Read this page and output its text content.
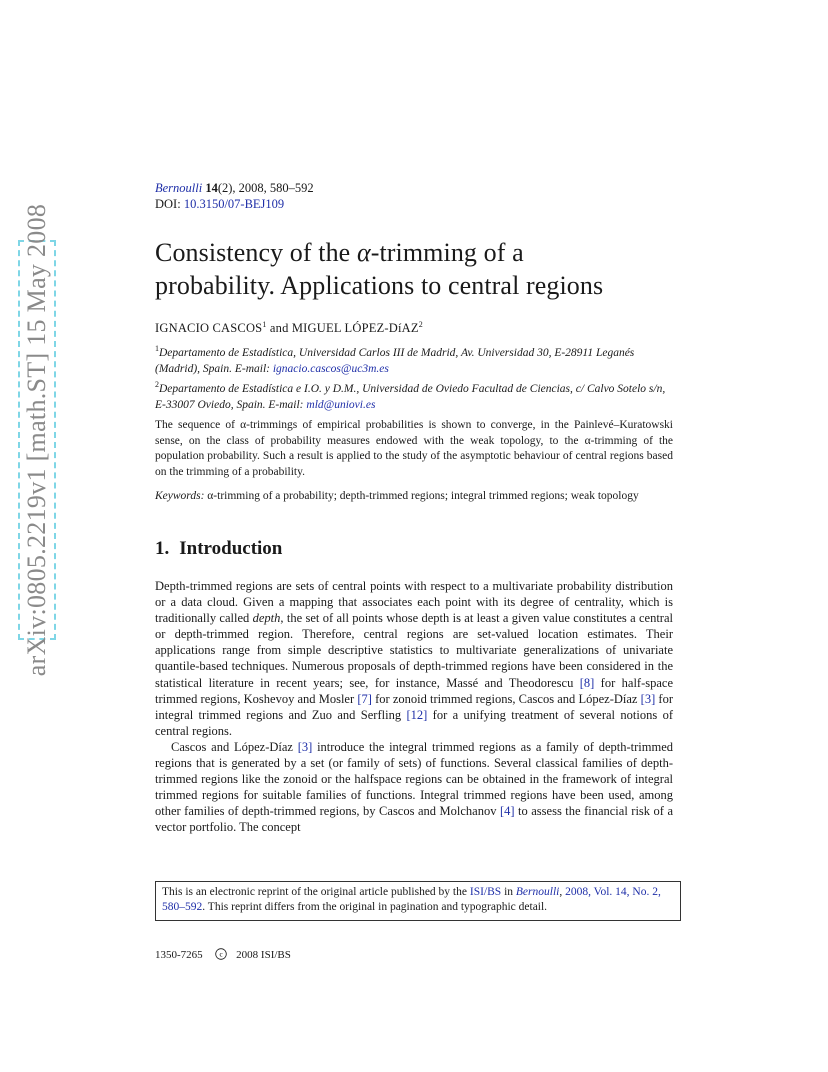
arXiv:0805.2219v1 [math.ST] 15 May 2008
Bernoulli 14(2), 2008, 580–592
DOI: 10.3150/07-BEJ109
Consistency of the α-trimming of a
probability. Applications to central regions
IGNACIO CASCOS$^1$ and MIGUEL LÓPEZ-DíAZ$^2$
$^1$Departamento de Estadística, Universidad Carlos III de Madrid, Av. Universidad 30, E-28911 Leganés (Madrid), Spain. E-mail: ignacio.cascos@uc3m.es
$^2$Departamento de Estadística e I.O. y D.M., Universidad de Oviedo Facultad de Ciencias, c/ Calvo Sotelo s/n, E-33007 Oviedo, Spain. E-mail: mld@uniovi.es

The sequence of α-trimmings of empirical probabilities is shown to converge, in the Painlevé–Kuratowski sense, on the class of probability measures endowed with the weak topology, to the α-trimming of the population probability. Such a result is applied to the study of the asymptotic behaviour of central regions based on the trimming of a probability.

Keywords: α-trimming of a probability; depth-trimmed regions; integral trimmed regions; weak topology

1. Introduction

Depth-trimmed regions are sets of central points with respect to a multivariate probability distribution or a data cloud. Given a mapping that associates each point with its degree of centrality, which is traditionally called depth, the set of all points whose depth is at least a given value constitutes a central or depth-trimmed region. Therefore, central regions are set-valued location estimates. Their applications range from simple descriptive statistics to multivariate generalizations of univariate quantile-based techniques. Numerous proposals of depth-trimmed regions have been considered in the statistical literature in recent years; see, for instance, Massé and Theodorescu [8] for half-space trimmed regions, Koshevoy and Mosler [7] for zonoid trimmed regions, Cascos and López-Díaz [3] for integral trimmed regions and Zuo and Serfling [12] for a unifying treatment of several notions of central regions.

Cascos and López-Díaz [3] introduce the integral trimmed regions as a family of depth-trimmed regions that is generated by a set (or family of sets) of functions. Several classical families of depth-trimmed regions like the zonoid or the halfspace regions can be obtained in the framework of integral trimmed regions for suitable families of functions. Integral trimmed regions have been used, among other families of depth-trimmed regions, by Cascos and Molchanov [4] to assess the financial risk of a vector portfolio. The concept

This is an electronic reprint of the original article published by the ISI/BS in Bernoulli, 2008, Vol. 14, No. 2, 580–592. This reprint differs from the original in pagination and typographic detail.
1350-7265 c 2008 ISI/BS
